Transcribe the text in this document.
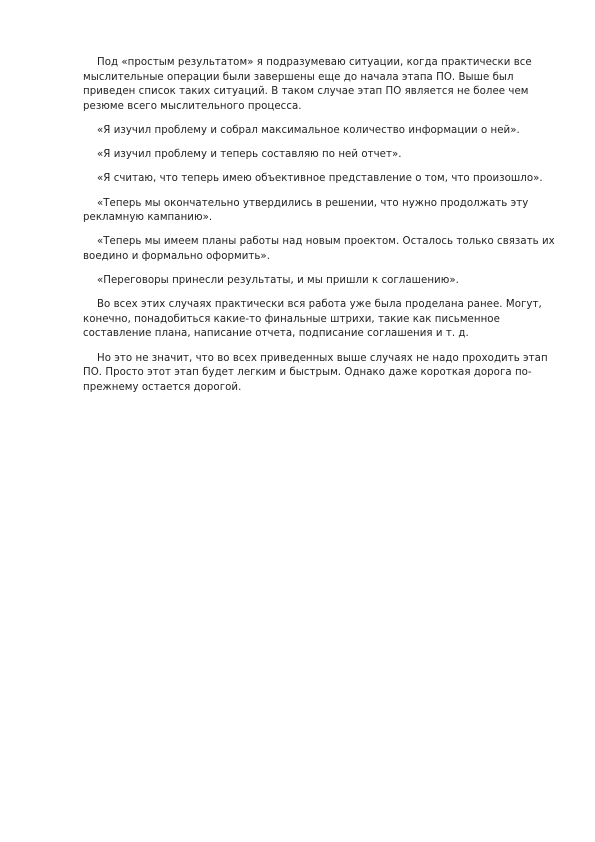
Под «простым результатом» я подразумеваю ситуации, когда практически все мыслительные операции были завершены еще до начала этапа ПО. Выше был приведен список таких ситуаций. В таком случае этап ПО является не более чем резюме всего мыслительного процесса.

«Я изучил проблему и собрал максимальное количество информации о ней».

«Я изучил проблему и теперь составляю по ней отчет».

«Я считаю, что теперь имею объективное представление о том, что произошло».

«Теперь мы окончательно утвердились в решении, что нужно продолжать эту рекламную кампанию».

«Теперь мы имеем планы работы над новым проектом. Осталось только связать их воедино и формально оформить».

«Переговоры принесли результаты, и мы пришли к соглашению».

Во всех этих случаях практически вся работа уже была проделана ранее. Могут, конечно, понадобиться какие-то финальные штрихи, такие как письменное составление плана, написание отчета, подписание соглашения и т. д.

Но это не значит, что во всех приведенных выше случаях не надо проходить этап ПО. Просто этот этап будет легким и быстрым. Однако даже короткая дорога по-прежнему остается дорогой.
